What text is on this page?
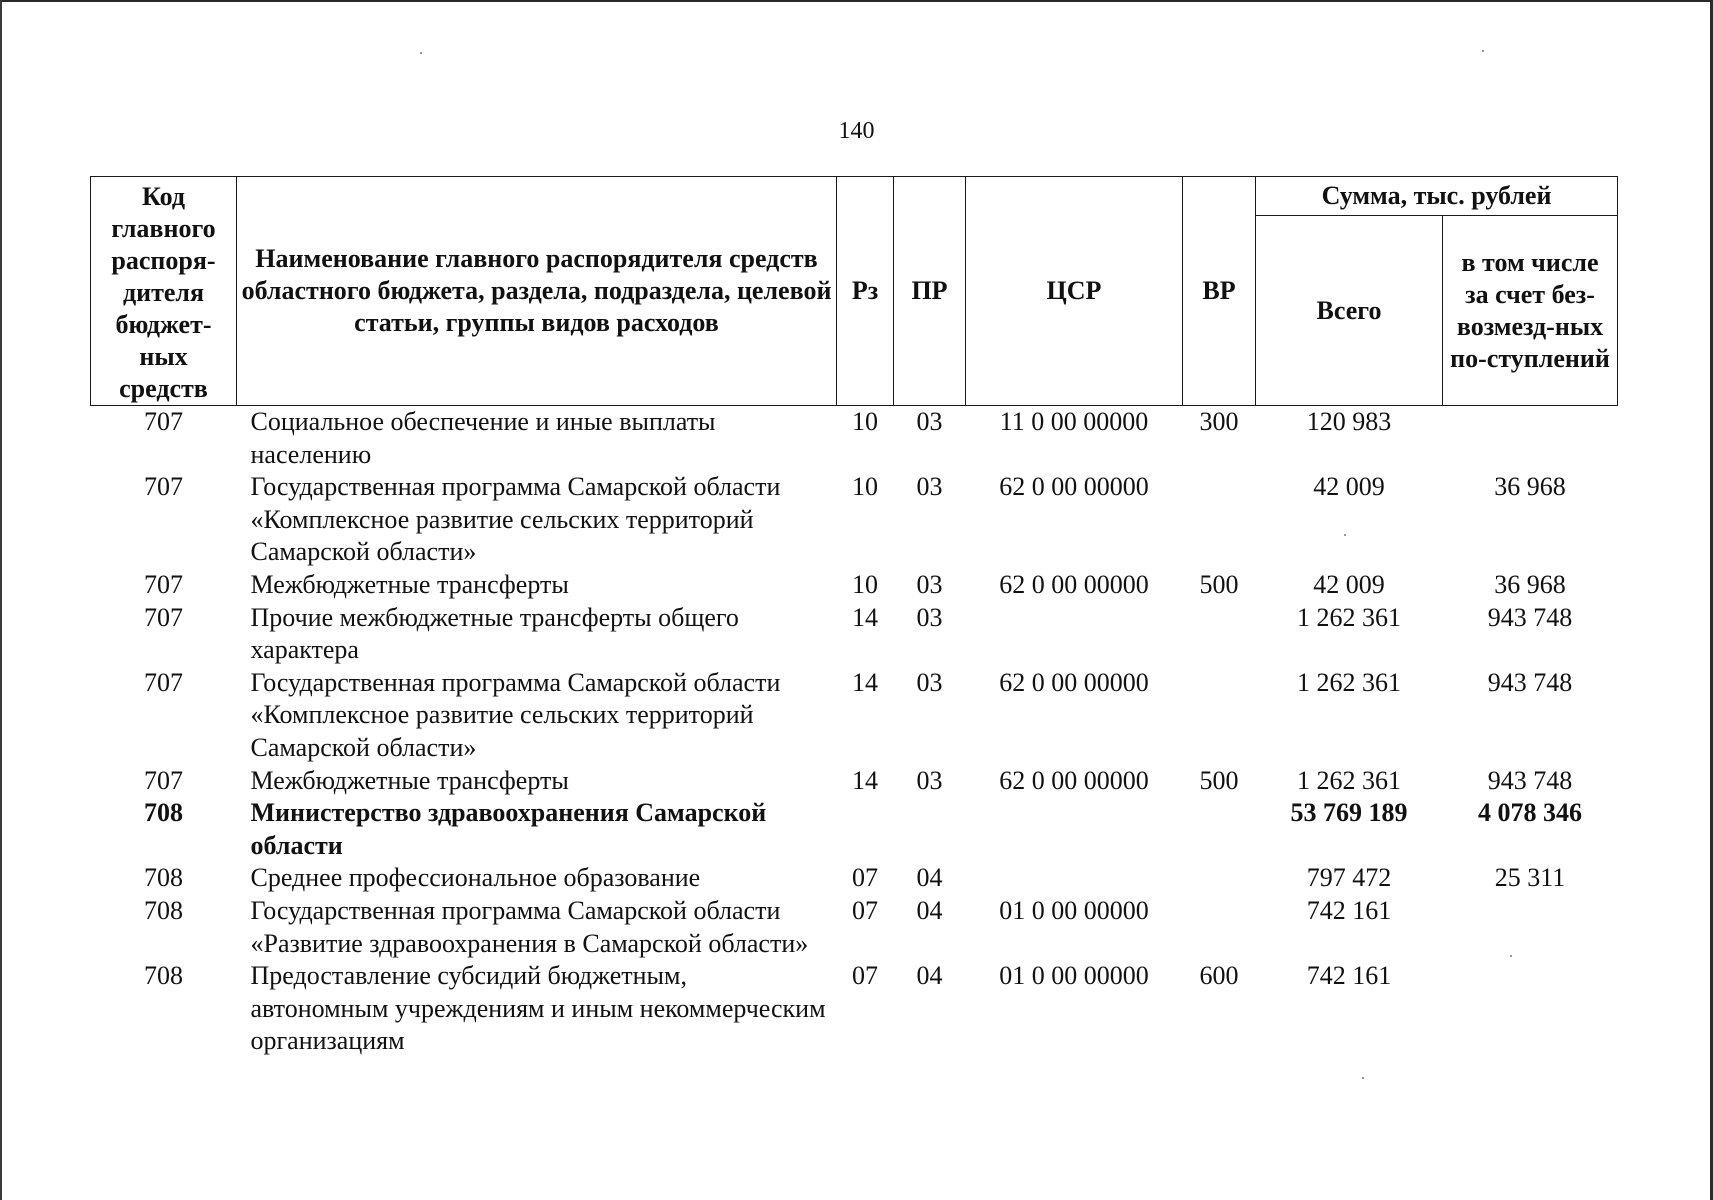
140
Код главного распоря-дителя бюджет-ных средств	Наименование главного распорядителя средств областного бюджета, раздела, подраздела, целевой статьи, группы видов расходов	Рз	ПР	ЦСР	ВР	Сумма, тыс. рублей	
						Всего	в том числе за счет без-возмезд-ных по-ступлений
707	Социальное обеспечение и иные выплаты населению	10	03	11 0 00 00000	300	120 983	
707	Государственная программа Самарской области «Комплексное развитие сельских территорий Самарской области»	10	03	62 0 00 00000		42 009	36 968
707	Межбюджетные трансферты	10	03	62 0 00 00000	500	42 009	36 968
707	Прочие межбюджетные трансферты общего характера	14	03			1 262 361	943 748
707	Государственная программа Самарской области «Комплексное развитие сельских территорий Самарской области»	14	03	62 0 00 00000		1 262 361	943 748
707	Межбюджетные трансферты	14	03	62 0 00 00000	500	1 262 361	943 748
708	Министерство здравоохранения Самарской области					53 769 189	4 078 346
708	Среднее профессиональное образование	07	04			797 472	25 311
708	Государственная программа Самарской области «Развитие здравоохранения в Самарской области»	07	04	01 0 00 00000		742 161	
708	Предоставление субсидий бюджетным, автономным учреждениям и иным некоммерческим организациям	07	04	01 0 00 00000	600	742 161	
